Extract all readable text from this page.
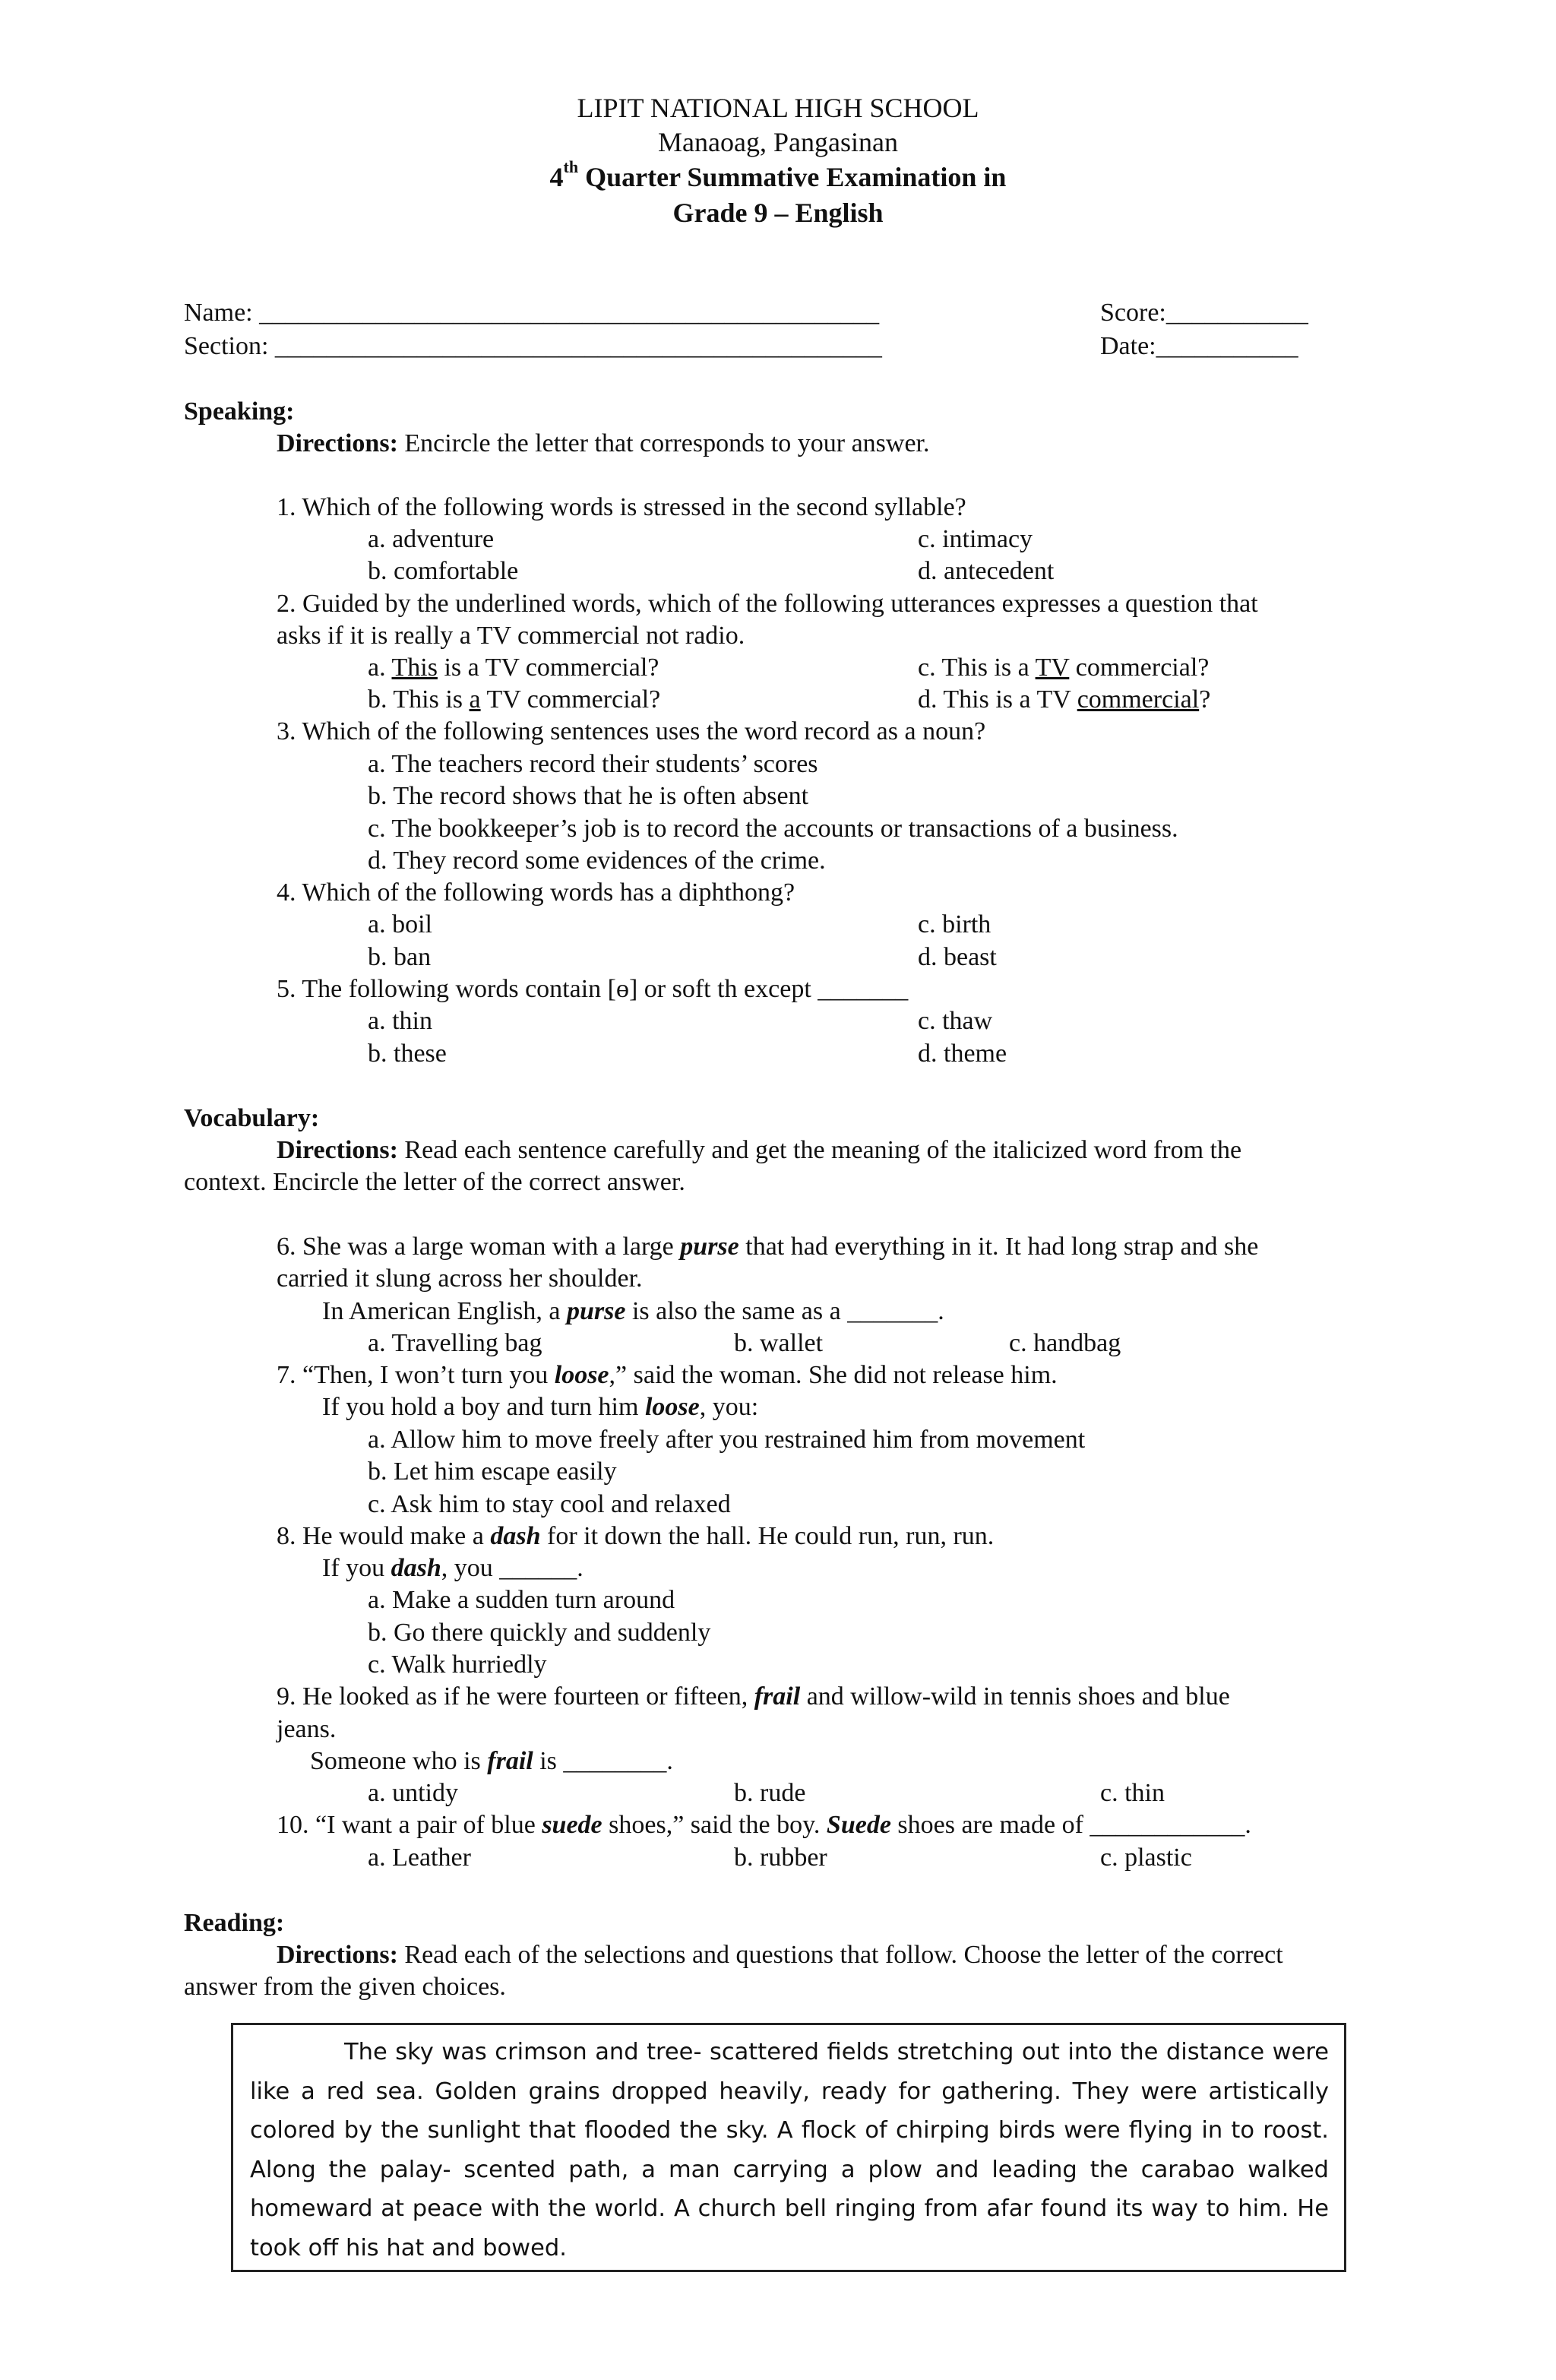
LIPIT NATIONAL HIGH SCHOOL
Manaoag, Pangasinan
4th Quarter Summative Examination in
Grade 9 – English
Name: ________________________________________________
Section: _______________________________________________
Score:___________
Date:___________
Speaking:
Directions: Encircle the letter that corresponds to your answer.
1. Which of the following words is stressed in the second syllable?
a. adventure	c. intimacy
b. comfortable	d. antecedent
2. Guided by the underlined words, which of the following utterances expresses a question that
asks if it is really a TV commercial not radio.
a. This is a TV commercial?	c. This is a TV commercial?
b. This is a TV commercial?	d. This is a TV commercial?
3. Which of the following sentences uses the word record as a noun?
a. The teachers record their students’ scores
b. The record shows that he is often absent
c. The bookkeeper’s job is to record the accounts or transactions of a business.
d. They record some evidences of the crime.
4. Which of the following words has a diphthong?
a. boil	c. birth
b. ban	d. beast
5. The following words contain [ɵ] or soft th except _______
a. thin	c. thaw
b. these	d. theme
Vocabulary:
Directions: Read each sentence carefully and get the meaning of the italicized word from the
context. Encircle the letter of the correct answer.
6. She was a large woman with a large purse that had everything in it. It had long strap and she
carried it slung across her shoulder.
In American English, a purse is also the same as a _______.
a. Travelling bag	b. wallet	c. handbag
7. “Then, I won’t turn you loose,” said the woman. She did not release him.
If you hold a boy and turn him loose, you:
a. Allow him to move freely after you restrained him from movement
b. Let him escape easily
c. Ask him to stay cool and relaxed
8. He would make a dash for it down the hall. He could run, run, run.
If you dash, you ______.
a. Make a sudden turn around
b. Go there quickly and suddenly
c. Walk hurriedly
9. He looked as if he were fourteen or fifteen, frail and willow-wild in tennis shoes and blue
jeans.
Someone who is frail is ________.
a. untidy	b. rude	c. thin
10. “I want a pair of blue suede shoes,” said the boy. Suede shoes are made of ____________.
a. Leather	b. rubber	c. plastic
Reading:
Directions: Read each of the selections and questions that follow. Choose the letter of the correct
answer from the given choices.
The sky was crimson and tree- scattered fields stretching out into the distance were like a red sea. Golden grains dropped heavily, ready for gathering. They were artistically colored by the sunlight that flooded the sky. A flock of chirping birds were flying in to roost. Along the palay- scented path, a man carrying a plow and leading the carabao walked homeward at peace with the world. A church bell ringing from afar found its way to him. He took off his hat and bowed.
